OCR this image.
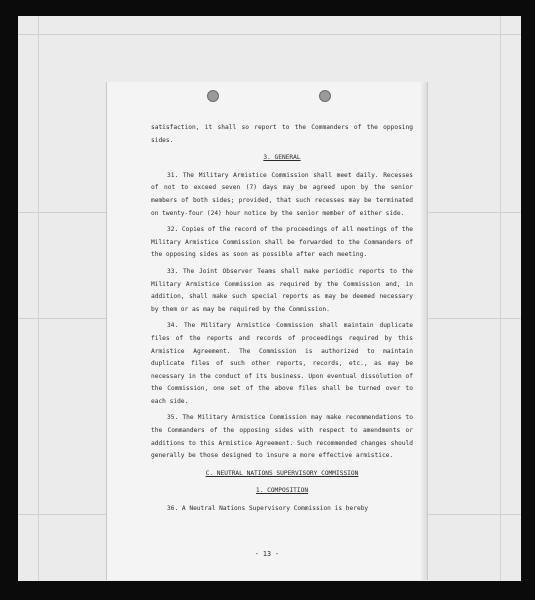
satisfaction, it shall so report to the Commanders of the opposing sides.

3. GENERAL

31. The Military Armistice Commission shall meet daily. Recesses of not to exceed seven (7) days may be agreed upon by the senior members of both sides; provided, that such recesses may be terminated on twenty-four (24) hour notice by the senior member of either side.

32. Copies of the record of the proceedings of all meetings of the Military Armistice Commission shall be forwarded to the Commanders of the opposing sides as soon as possible after each meeting.

33. The Joint Observer Teams shall make periodic reports to the Military Armistice Commission as required by the Commission and, in addition, shall make such special reports as may be deemed necessary by them or as may be required by the Commission.

34. The Military Armistice Commission shall maintain duplicate files of the reports and records of proceedings required by this Armistice Agreement. The Commission is authorized to maintain duplicate files of such other reports, records, etc., as may be necessary in the conduct of its business. Upon eventual dissolution of the Commission, one set of the above files shall be turned over to each side.

35. The Military Armistice Commission may make recommendations to the Commanders of the opposing sides with respect to amendments or additions to this Armistice Agreement. Such recommended changes should generally be those designed to insure a more effective armistice.

C. NEUTRAL NATIONS SUPERVISORY COMMISSION

1. COMPOSITION

36. A Neutral Nations Supervisory Commission is hereby

- 13 -
